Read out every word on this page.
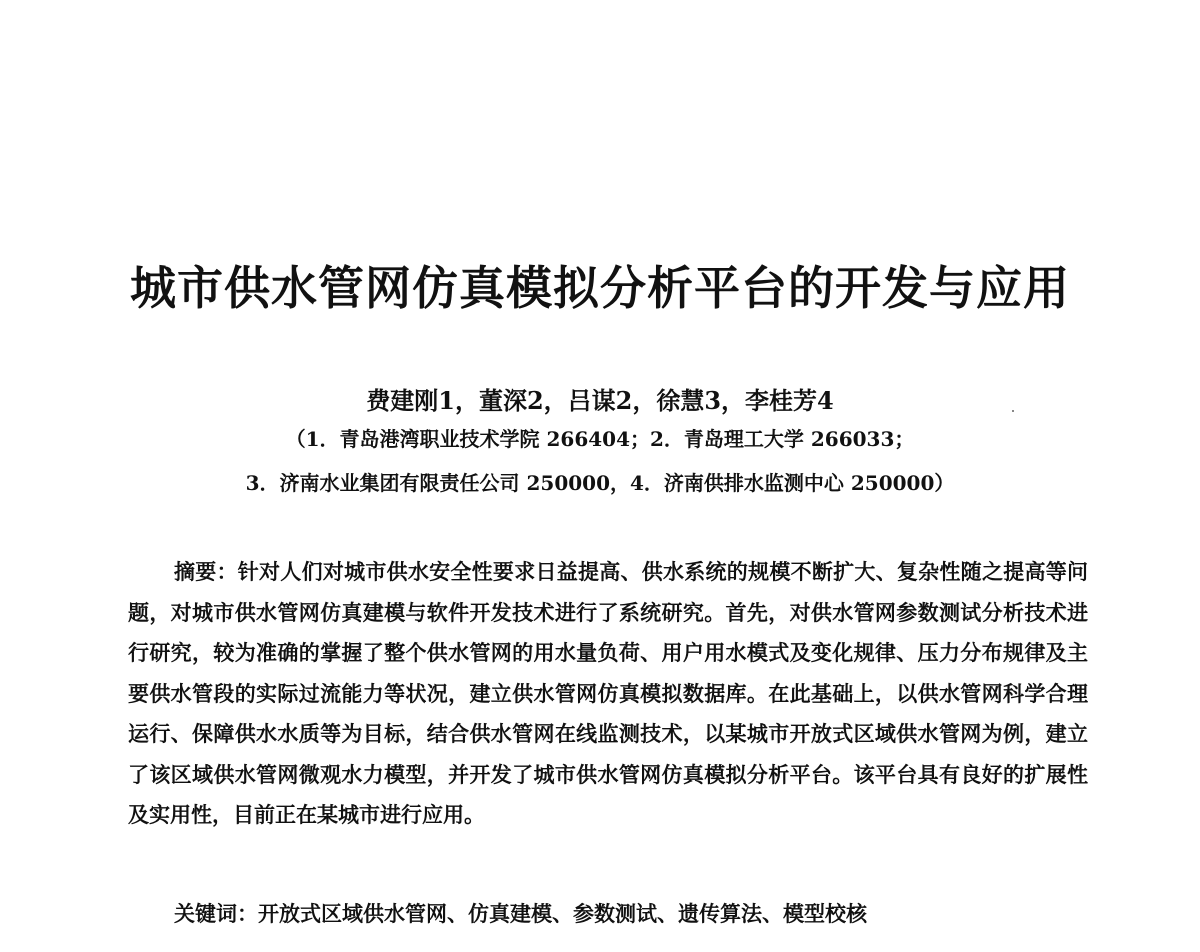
城市供水管网仿真模拟分析平台的开发与应用
费建刚1，董深2，吕谋2，徐慧3，李桂芳4
（1．青岛港湾职业技术学院 266404；2．青岛理工大学 266033；
3．济南水业集团有限责任公司 250000，4．济南供排水监测中心 250000）

摘要：针对人们对城市供水安全性要求日益提高、供水系统的规模不断扩大、复杂性随之提高等问题，对城市供水管网仿真建模与软件开发技术进行了系统研究。首先，对供水管网参数测试分析技术进行研究，较为准确的掌握了整个供水管网的用水量负荷、用户用水模式及变化规律、压力分布规律及主要供水管段的实际过流能力等状况，建立供水管网仿真模拟数据库。在此基础上，以供水管网科学合理运行、保障供水水质等为目标，结合供水管网在线监测技术，以某城市开放式区域供水管网为例，建立了该区域供水管网微观水力模型，并开发了城市供水管网仿真模拟分析平台。该平台具有良好的扩展性及实用性，目前正在某城市进行应用。

关键词：开放式区域供水管网、仿真建模、参数测试、遗传算法、模型校核
